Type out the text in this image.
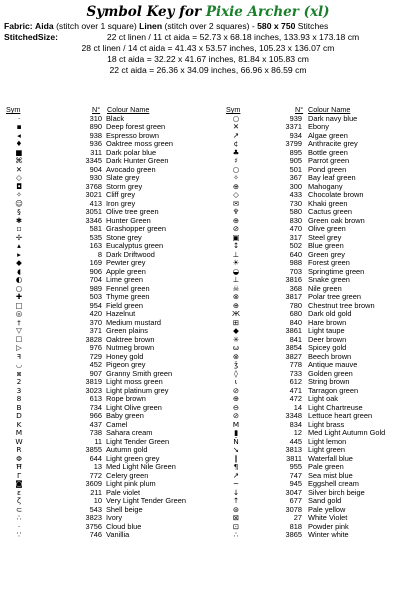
Symbol Key for Pixie Archer (xl)
Fabric: Aida (stitch over 1 square) Linen (stitch over 2 squares) - 580 x 750 Stitches
StitchedSize:	22 ct linen / 11 ct aida = 52.73 x 68.18 inches, 133.93 x 173.18 cm
28 ct linen / 14 ct aida = 41.43 x 53.57 inches, 105.23 x 136.07 cm
18 ct aida = 32.22 x 41.67 inches, 81.84 x 105.83 cm
22 ct aida = 26.36 x 34.09 inches, 66.96 x 86.59 cm
Sym	N° Colour Name
·	310 Black
▪	890 Deep forest green
◂	938 Espresso brown
♦	936 Oaktree moss green
■	311 Dark polar blue
⌘	3345 Dark Hunter Green
✕	904 Avocado green
◇	930 Slate grey
◘	3768 Storm grey
✧	3021 Cliff grey
☺	413 Iron grey
§	3051 Olive tree green
✱	3346 Hunter Green
▫	581 Grashopper green
✢	535 Stone grey
▴	163 Eucalyptus green
▸	8 Dark Driftwood
◆	169 Pewter grey
◖	906 Apple green
◐	704 Lime green
○	989 Fennel green
✚	503 Thyme green
□	954 Field green
◎	420 Hazelnut
†	370 Medium mustard
▽	371 Green plains
☐	3828 Oaktree brown
▷	976 Nutmeg brown
ꟻ	729 Honey gold
◡	452 Pigeon grey
⧈	907 Granny Smith green
2	3819 Light moss green
3	3023 Light platinum grey
8	613 Rope brown
B	734 Light Olive green
D	966 Baby green
K	437 Camel
M	738 Sahara cream
W	11 Light Tender Green
R	3855 Autumn gold
Φ	644 Light green grey
Ħ	13 Med Light Nile Green
Γ	772 Celery green
◙	3609 Light pink plum
ε	211 Pale violet
ζ	10 Very Light Tender Green
⊂	543 Shell beige
∴	3823 Ivory
·	3756 Cloud blue
∵	746 Vanillia
Sym	N° Colour Name
○	939 Dark navy blue
✕	3371 Ebony
↗	934 Algae green
¢	3799 Anthracite grey
♣	895 Bottle green
♯	905 Parrot green
○	501 Pond green
✧	367 Bay leaf green
⊕	300 Mahogany
◇	433 Chocolate brown
✉	730 Khaki green
♆	580 Cactus green
⊕	830 Green oak brown
⊘	470 Olive green
▣	317 Steel grey
↕	502 Blue green
⊥	640 Green grey
☀	988 Forest green
◒	703 Springtime green
⊥	3816 Snake green
☠	368 Nile green
⊗	3817 Polar tree green
⊕	780 Chestnut tree brown
Ж	680 Dark old gold
⊞	840 Hare brown
◆	3861 Light taupe
✳	841 Deer brown
ω	3854 Spicey gold
⊗	3827 Beech brown
ǯ	778 Antique mauve
◊	733 Golden green
ι	612 String brown
⊘	471 Tarragon green
⊕	472 Light oak
⊖	14 Light Chartreuse
⊘	3348 Lettuce heart green
M	834 Light brass
▮	12 Med Light Autumn Gold
Ñ	445 Light lemon
↘	3813 Light green
∥	3811 Waterfall blue
¶	955 Pale green
↗	747 Sea mist blue
~	945 Eggshell cream
↓	3047 Silver birch beige
↑	677 Sand gold
⊛	3078 Pale yellow
⊠	27 White Violet
⊡	818 Powder pink
∴	3865 Winter white
